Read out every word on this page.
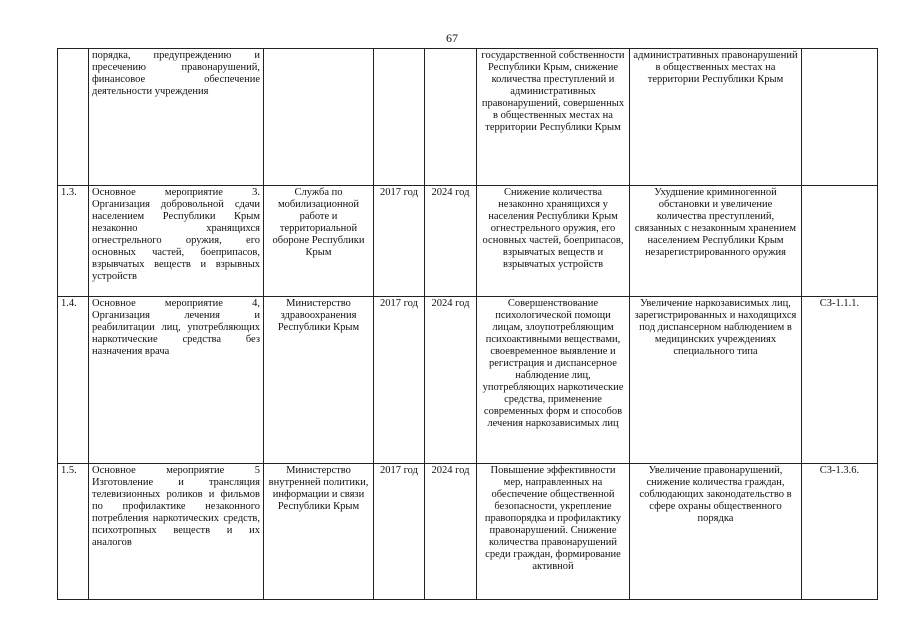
67
	порядка, предупреждению и пресечению правонарушений, финансовое обеспечение деятельности учреждения				государственной собственности Республики Крым, снижение количества преступлений и административных правонарушений, совершенных в общественных местах на территории Республики Крым	административных правонарушений в общественных местах на территории Республики Крым	
1.3.	Основное мероприятие 3. Организация добровольной сдачи населением Республики Крым незаконно хранящихся огнестрельного оружия, его основных частей, боеприпасов, взрывчатых веществ и взрывных устройств	Служба по мобилизационной работе и территориальной обороне Республики Крым	2017 год	2024 год	Снижение количества незаконно хранящихся у населения Республики Крым огнестрельного оружия, его основных частей, боеприпасов, взрывчатых веществ и взрывчатых устройств	Ухудшение криминогенной обстановки и увеличение количества преступлений, связанных с незаконным хранением населением Республики Крым незарегистрированного оружия	
1.4.	Основное мероприятие 4, Организация лечения и реабилитации лиц, употребляющих наркотические средства без назначения врача	Министерство здравоохранения Республики Крым	2017 год	2024 год	Совершенствование психологической помощи лицам, злоупотребляющим психоактивными веществами, своевременное выявление и регистрация и диспансерное наблюдение лиц, употребляющих наркотические средства, применение современных форм и способов лечения наркозависимых лиц	Увеличение наркозависимых лиц, зарегистрированных и находящихся под диспансерном наблюдением в медицинских учреждениях специального типа	СЗ-1.1.1.
1.5.	Основное мероприятие 5 Изготовление и трансляция телевизионных роликов и фильмов по профилактике незаконного потребления наркотических средств, психотропных веществ и их аналогов	Министерство внутренней политики, информации и связи Республики Крым	2017 год	2024 год	Повышение эффективности мер, направленных на обеспечение общественной безопасности, укрепление правопорядка и профилактику правонарушений. Снижение количества правонарушений среди граждан, формирование активной	Увеличение правонарушений, снижение количества граждан, соблюдающих законодательство в сфере охраны общественного порядка	СЗ-1.3.6.
